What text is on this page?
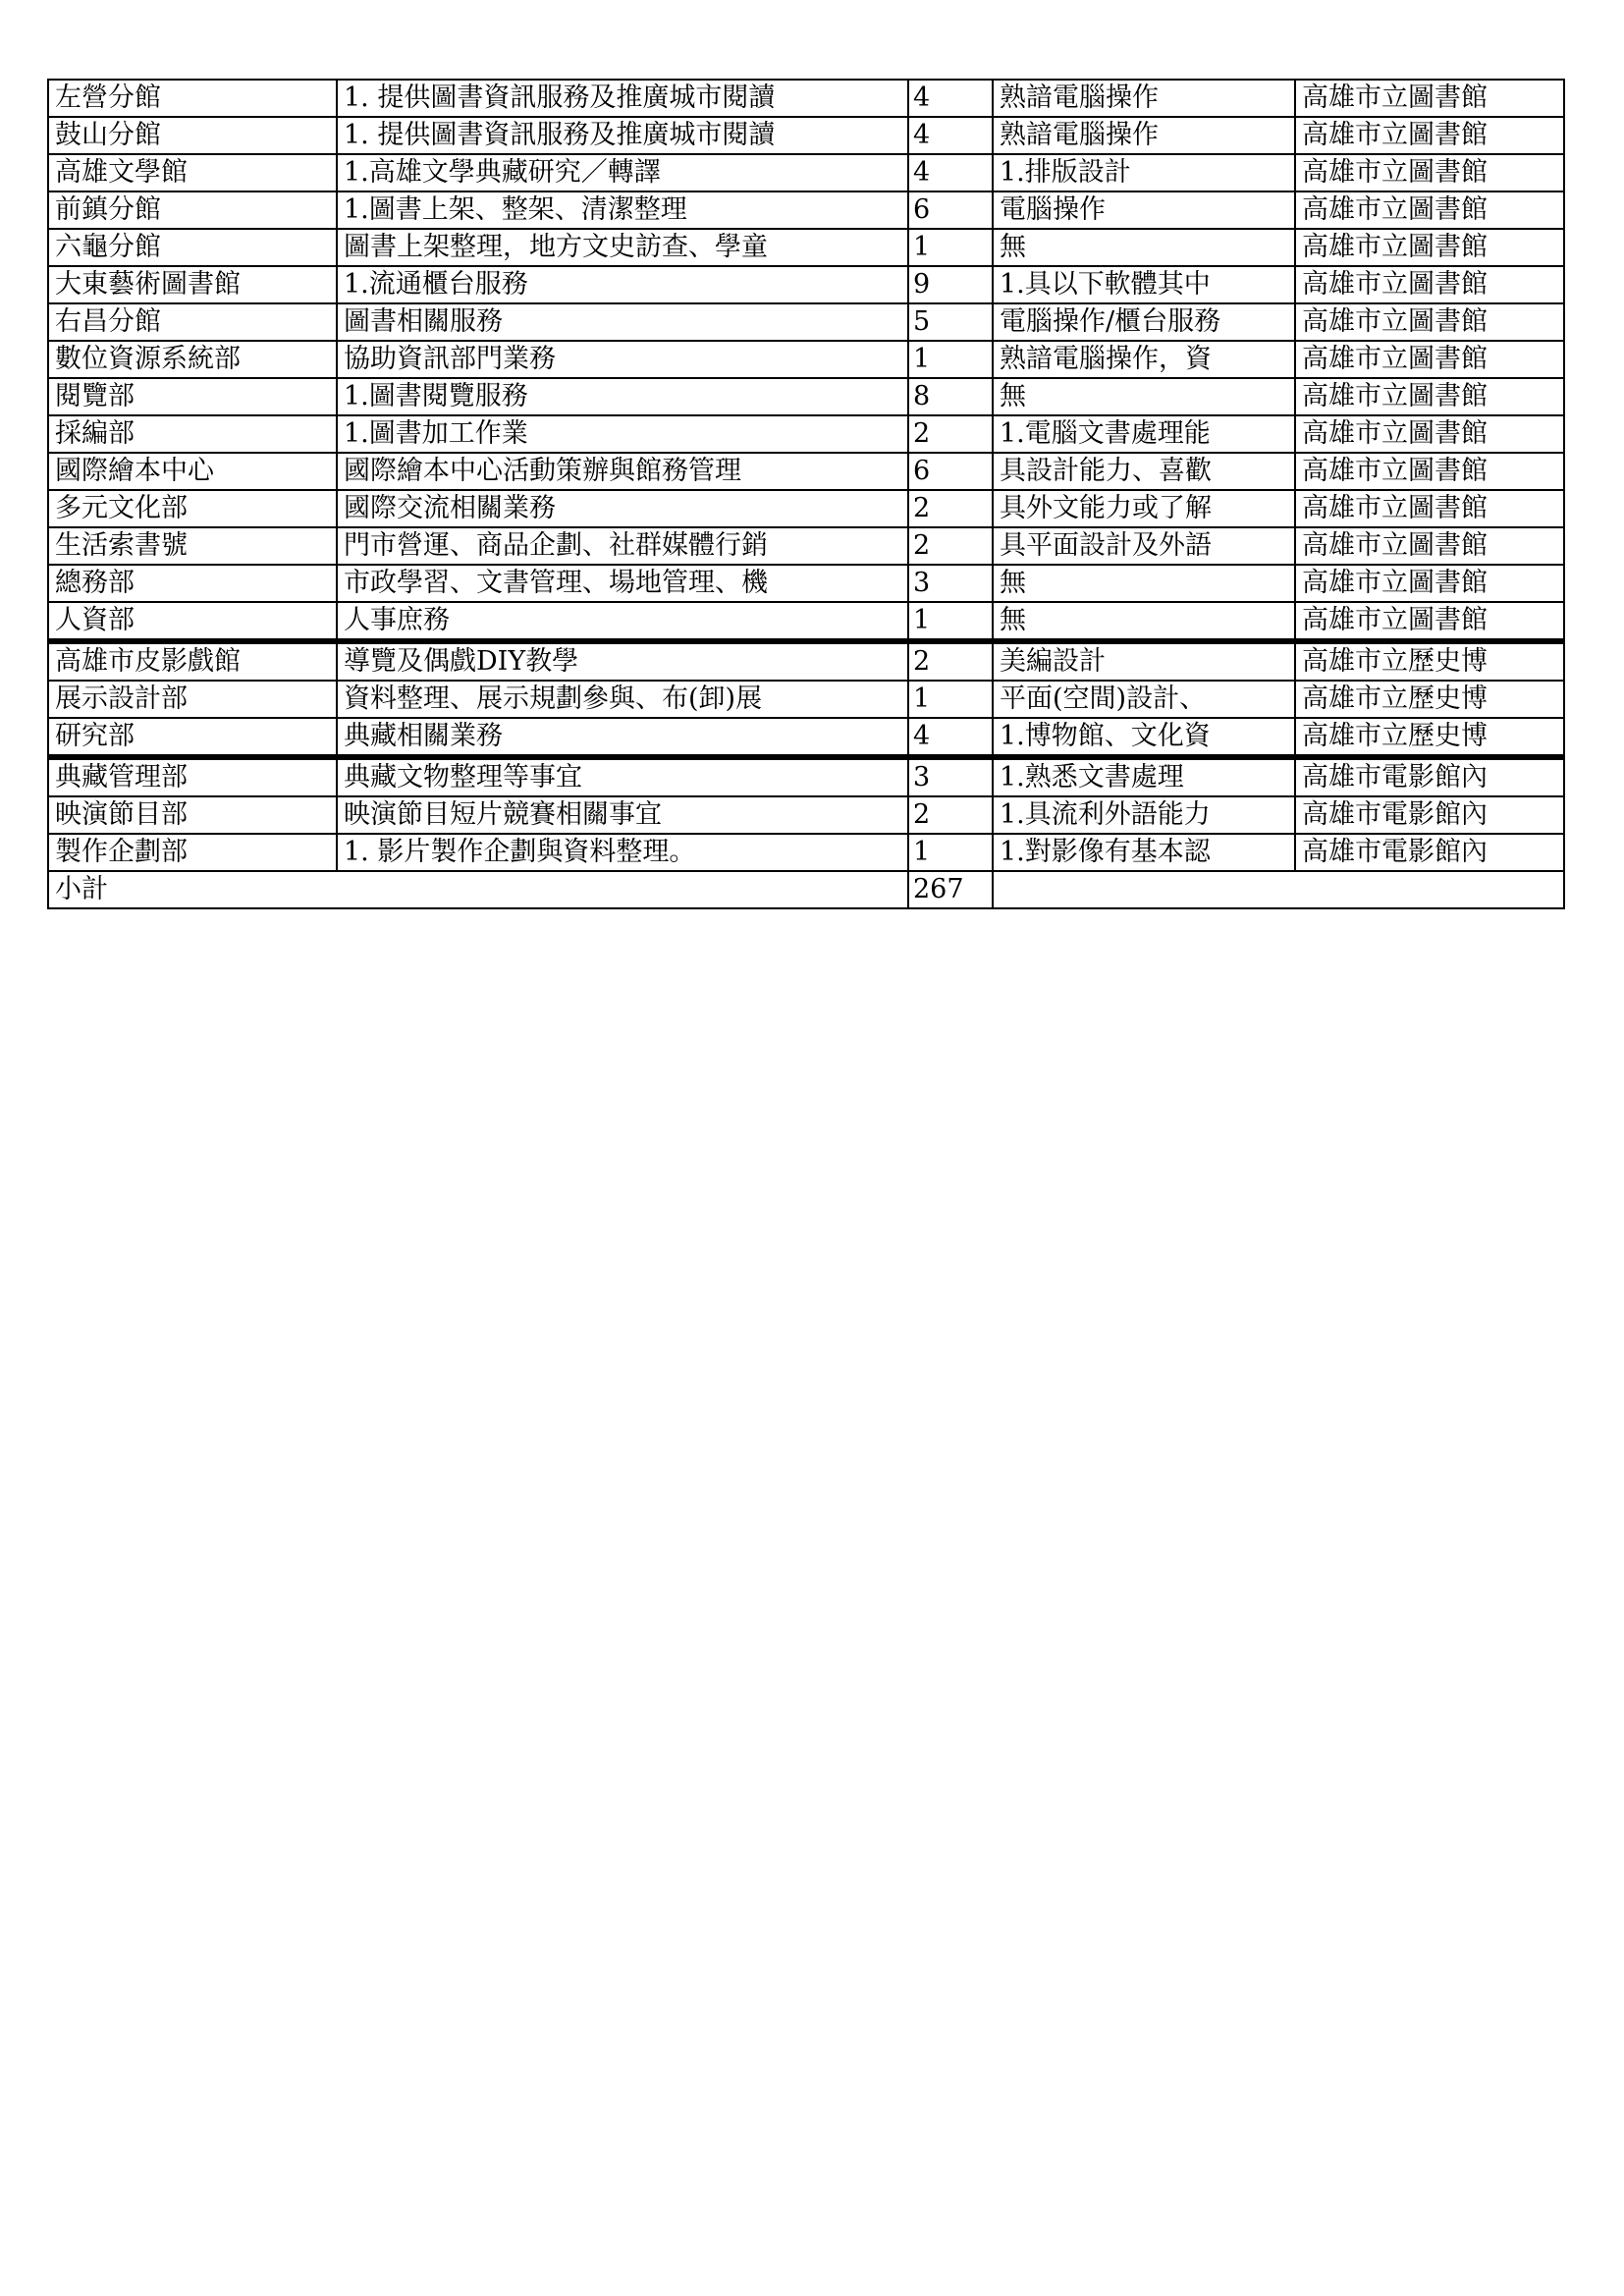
左營分館	1. 提供圖書資訊服務及推廣城市閱讀	4	熟諳電腦操作	高雄市立圖書館
鼓山分館	1. 提供圖書資訊服務及推廣城市閱讀	4	熟諳電腦操作	高雄市立圖書館
高雄文學館	1.高雄文學典藏研究／轉譯	4	1.排版設計	高雄市立圖書館
前鎮分館	1.圖書上架、整架、清潔整理	6	電腦操作	高雄市立圖書館
六龜分館	圖書上架整理，地方文史訪查、學童	1	無	高雄市立圖書館
大東藝術圖書館	1.流通櫃台服務	9	1.具以下軟體其中	高雄市立圖書館
右昌分館	圖書相關服務	5	電腦操作/櫃台服務	高雄市立圖書館
數位資源系統部	協助資訊部門業務	1	熟諳電腦操作，資	高雄市立圖書館
閱覽部	1.圖書閱覽服務	8	無	高雄市立圖書館
採編部	1.圖書加工作業	2	1.電腦文書處理能	高雄市立圖書館
國際繪本中心	國際繪本中心活動策辦與館務管理	6	具設計能力、喜歡	高雄市立圖書館
多元文化部	國際交流相關業務	2	具外文能力或了解	高雄市立圖書館
生活索書號	門市營運、商品企劃、社群媒體行銷	2	具平面設計及外語	高雄市立圖書館
總務部	市政學習、文書管理、場地管理、機	3	無	高雄市立圖書館
人資部	人事庶務	1	無	高雄市立圖書館
高雄市皮影戲館	導覽及偶戲DIY教學	2	美編設計	高雄市立歷史博
展示設計部	資料整理、展示規劃參與、布(卸)展	1	平面(空間)設計、	高雄市立歷史博
研究部	典藏相關業務	4	1.博物館、文化資	高雄市立歷史博
典藏管理部	典藏文物整理等事宜	3	1.熟悉文書處理	高雄市電影館內
映演節目部	映演節目短片競賽相關事宜	2	1.具流利外語能力	高雄市電影館內
製作企劃部	1. 影片製作企劃與資料整理。	1	1.對影像有基本認	高雄市電影館內
小計		267		
